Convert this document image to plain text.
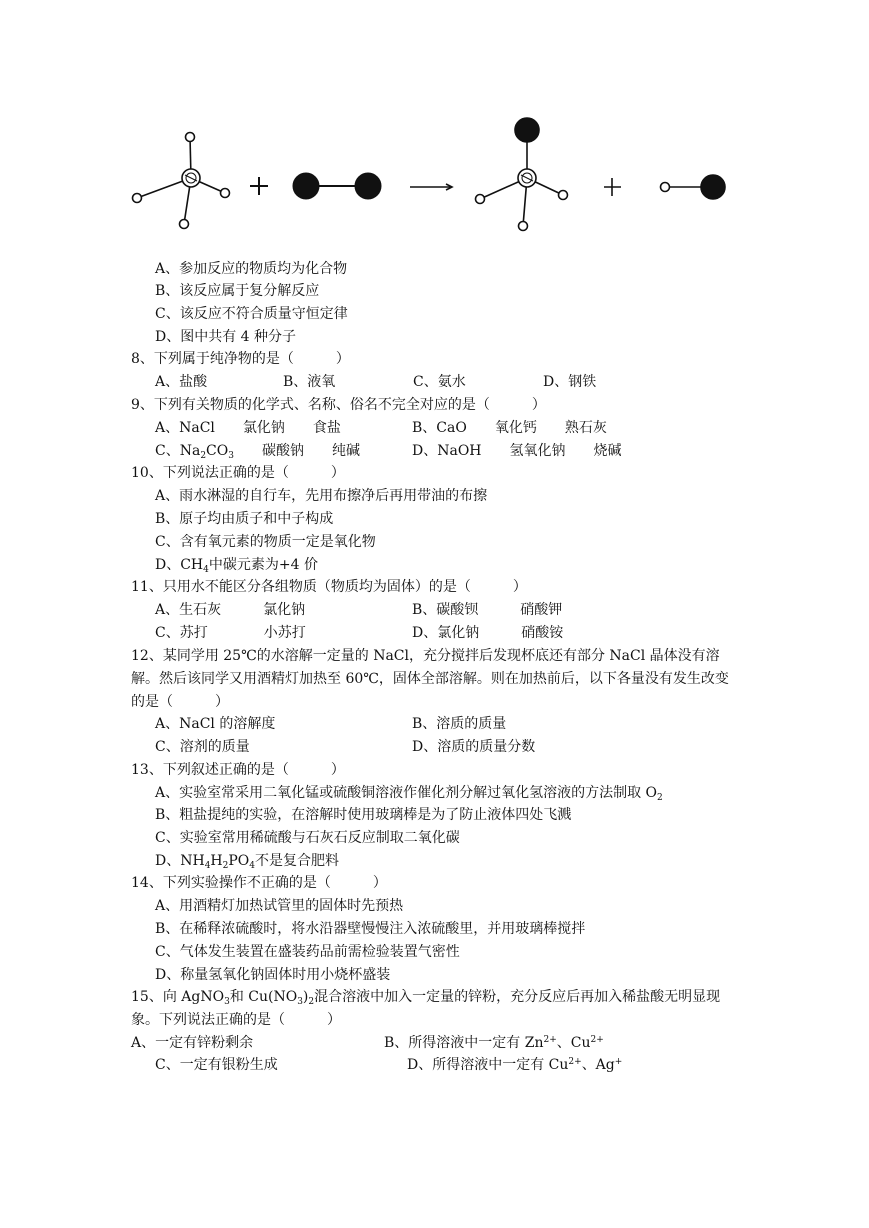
A、参加反应的物质均为化合物
B、该反应属于复分解反应
C、该反应不符合质量守恒定律
D、图中共有 4 种分子
8、下列属于纯净物的是（　　　）
A、盐酸	B、液氧	C、氨水	D、钢铁
9、下列有关物质的化学式、名称、俗名不完全对应的是（　　　）
A、NaCl　　氯化钠　　食盐	B、CaO　　氧化钙　　熟石灰
C、$Na_2CO_3$　　碳酸钠　　纯碱	D、NaOH　　氢氧化钠　　烧碱
10、下列说法正确的是（　　　）
A、雨水淋湿的自行车，先用布擦净后再用带油的布擦
B、原子均由质子和中子构成
C、含有氧元素的物质一定是氧化物
D、$CH_4$中碳元素为+4 价
11、只用水不能区分各组物质（物质均为固体）的是（　　　）
A、生石灰　　　氯化钠	B、碳酸钡　　　硝酸钾
C、苏打　　　　小苏打	D、氯化钠　　　硝酸铵
12、某同学用 25℃的水溶解一定量的 NaCl，充分搅拌后发现杯底还有部分 NaCl 晶体没有溶解。然后该同学又用酒精灯加热至 60℃，固体全部溶解。则在加热前后，以下各量没有发生改变的是（　　　）
A、NaCl 的溶解度	B、溶质的质量
C、溶剂的质量	D、溶质的质量分数
13、下列叙述正确的是（　　　）
A、实验室常采用二氧化锰或硫酸铜溶液作催化剂分解过氧化氢溶液的方法制取 $O_2$
B、粗盐提纯的实验，在溶解时使用玻璃棒是为了防止液体四处飞溅
C、实验室常用稀硫酸与石灰石反应制取二氧化碳
D、$NH_4H_2PO_4$不是复合肥料
14、下列实验操作不正确的是（　　　）
A、用酒精灯加热试管里的固体时先预热
B、在稀释浓硫酸时，将水沿器壁慢慢注入浓硫酸里，并用玻璃棒搅拌
C、气体发生装置在盛装药品前需检验装置气密性
D、称量氢氧化钠固体时用小烧杯盛装
15、向 AgNO$_3$和 $Cu(NO_3)_2$混合溶液中加入一定量的锌粉，充分反应后再加入稀盐酸无明显现
象。下列说法正确的是（　　　）
A、一定有锌粉剩余	B、所得溶液中一定有 $Zn^{2+}$、$Cu^{2+}$
C、一定有银粉生成	D、所得溶液中一定有 $Cu^{2+}$、Ag+
